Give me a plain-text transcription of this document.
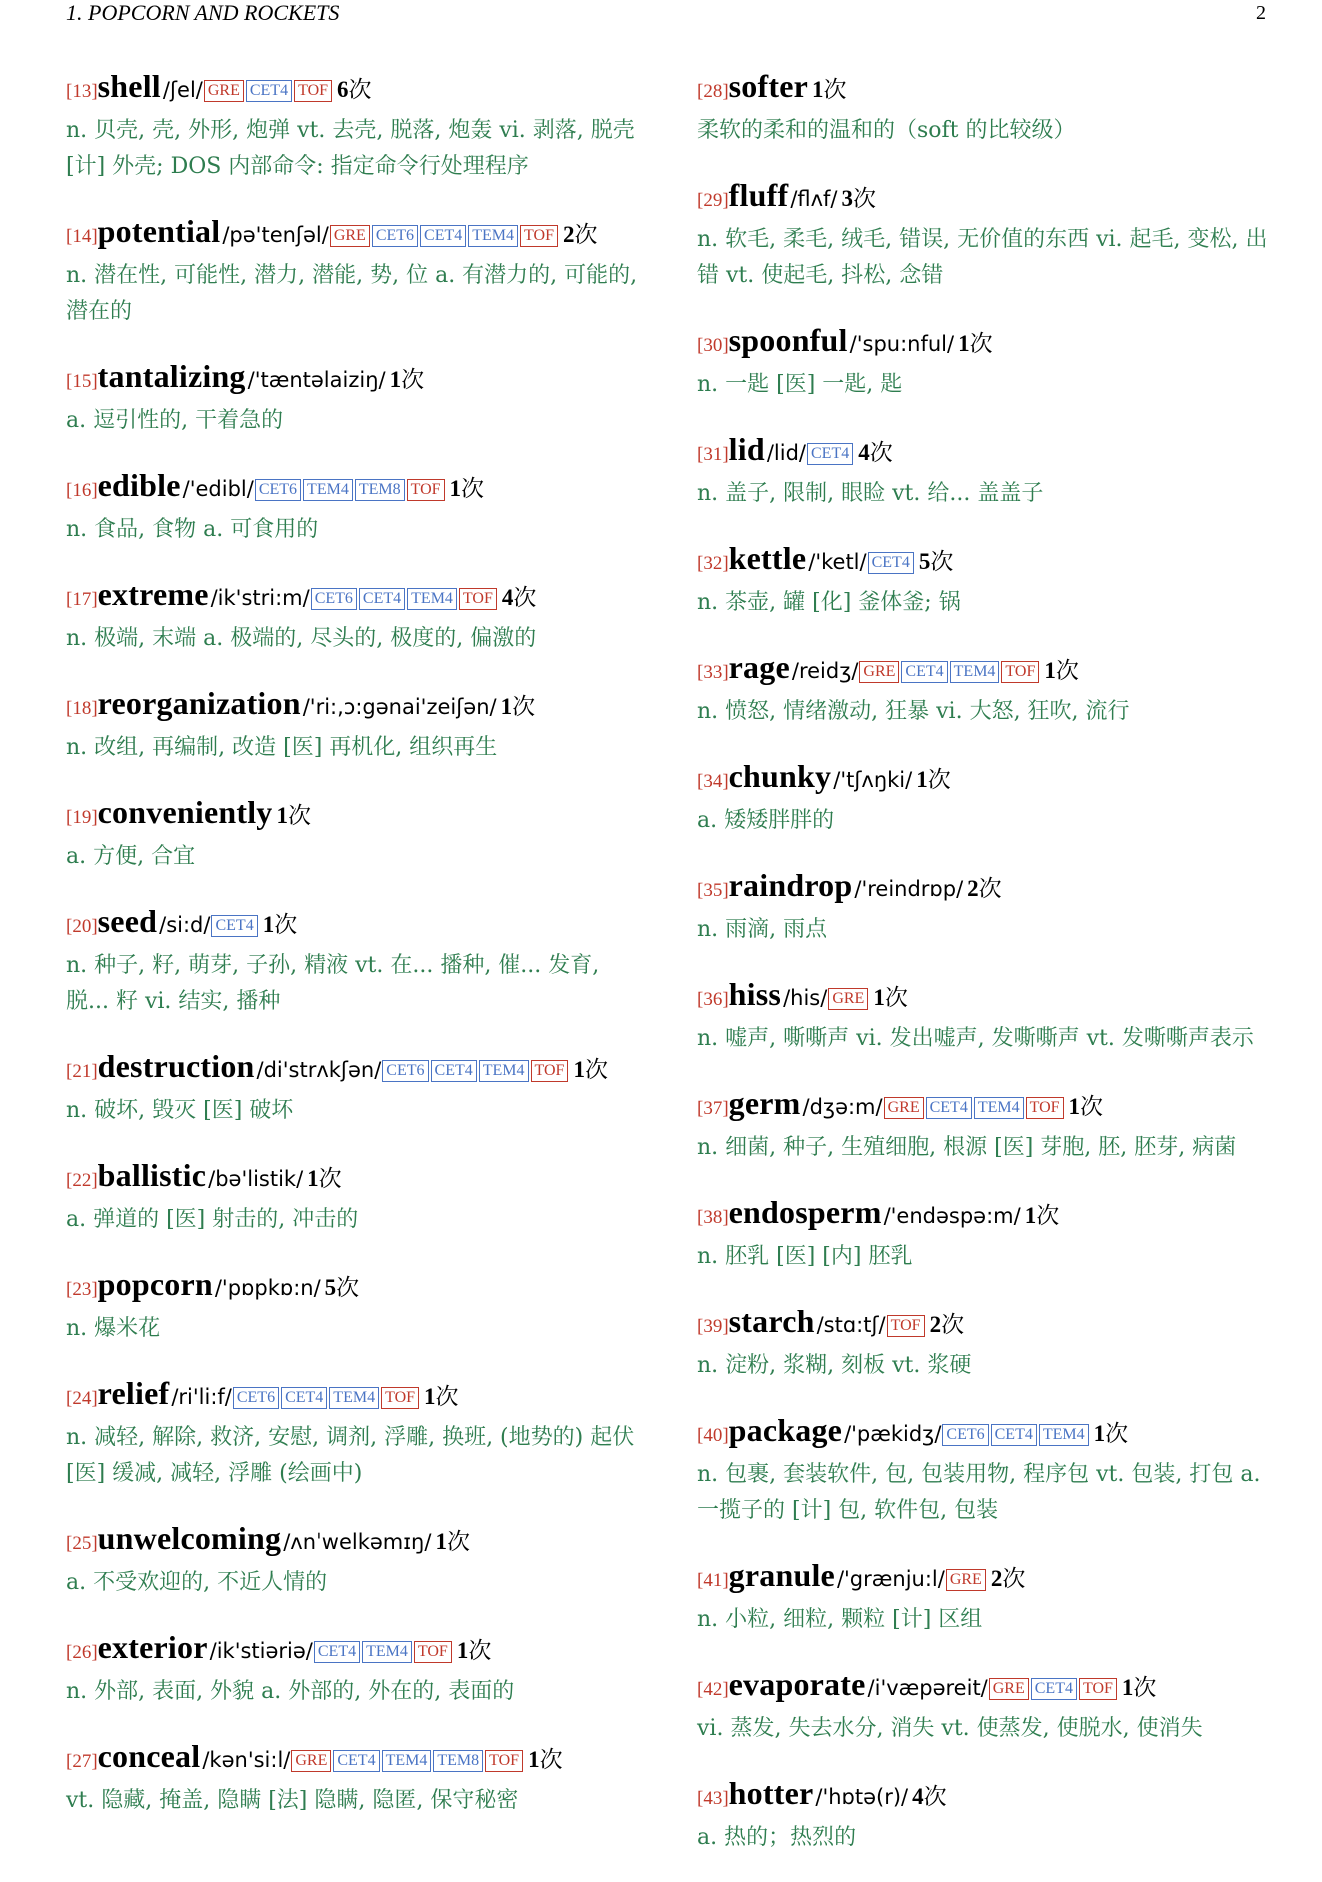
1. POPCORN AND ROCKETS	2
[13]shell/ʃel/ GRE CET4 TOF 6次
n. 贝壳, 壳, 外形, 炮弹 vt. 去壳, 脱落, 炮轰 vi. 剥落, 脱壳 [计] 外壳; DOS 内部命令: 指定命令行处理程序
[14]potential/pə'tenʃəl/ GRE CET6 CET4 TEM4 TOF 2次
n. 潜在性, 可能性, 潜力, 潜能, 势, 位 a. 有潜力的, 可能的, 潜在的
[15]tantalizing/'tæntəlaiziŋ/ 1次
a. 逗引性的, 干着急的
[16]edible/'edibl/ CET6 TEM4 TEM8 TOF 1次
n. 食品, 食物 a. 可食用的
[17]extreme/ik'stri:m/ CET6 CET4 TEM4 TOF 4次
n. 极端, 末端 a. 极端的, 尽头的, 极度的, 偏激的
[18]reorganization/'ri:,ɔ:gənai'zeiʃən/ 1次
n. 改组, 再编制, 改造 [医] 再机化, 组织再生
[19]conveniently 1次
a. 方便, 合宜
[20]seed/si:d/ CET4 1次
n. 种子, 籽, 萌芽, 子孙, 精液 vt. 在... 播种, 催... 发育, 脱... 籽 vi. 结实, 播种
[21]destruction/di'strʌkʃən/ CET6 CET4 TEM4 TOF 1次
n. 破坏, 毁灭 [医] 破坏
[22]ballistic/bə'listik/ 1次
a. 弹道的 [医] 射击的, 冲击的
[23]popcorn/'pɒpkɒ:n/ 5次
n. 爆米花
[24]relief/ri'li:f/ CET6 CET4 TEM4 TOF 1次
n. 减轻, 解除, 救济, 安慰, 调剂, 浮雕, 换班, (地势的) 起伏 [医] 缓减, 减轻, 浮雕 (绘画中)
[25]unwelcoming/ʌnˈwelkəmɪŋ/ 1次
a. 不受欢迎的, 不近人情的
[26]exterior/ik'stiəriə/ CET4 TEM4 TOF 1次
n. 外部, 表面, 外貌 a. 外部的, 外在的, 表面的
[27]conceal/kən'si:l/ GRE CET4 TEM4 TEM8 TOF 1次
vt. 隐藏, 掩盖, 隐瞒 [法] 隐瞒, 隐匿, 保守秘密
[28]softer 1次
柔软的柔和的温和的（soft 的比较级）
[29]fluff/flʌf/ 3次
n. 软毛, 柔毛, 绒毛, 错误, 无价值的东西 vi. 起毛, 变松, 出错 vt. 使起毛, 抖松, 念错
[30]spoonful/'spu:nful/ 1次
n. 一匙 [医] 一匙, 匙
[31]lid/lid/ CET4 4次
n. 盖子, 限制, 眼睑 vt. 给... 盖盖子
[32]kettle/'ketl/ CET4 5次
n. 茶壶, 罐 [化] 釜体釜; 锅
[33]rage/reidʒ/ GRE CET4 TEM4 TOF 1次
n. 愤怒, 情绪激动, 狂暴 vi. 大怒, 狂吹, 流行
[34]chunky/'tʃʌŋki/ 1次
a. 矮矮胖胖的
[35]raindrop/'reindrɒp/ 2次
n. 雨滴, 雨点
[36]hiss/his/ GRE 1次
n. 嘘声, 嘶嘶声 vi. 发出嘘声, 发嘶嘶声 vt. 发嘶嘶声表示
[37]germ/dʒə:m/ GRE CET4 TEM4 TOF 1次
n. 细菌, 种子, 生殖细胞, 根源 [医] 芽胞, 胚, 胚芽, 病菌
[38]endosperm/'endəspə:m/ 1次
n. 胚乳 [医] [内] 胚乳
[39]starch/stɑ:tʃ/ TOF 2次
n. 淀粉, 浆糊, 刻板 vt. 浆硬
[40]package/'pækidʒ/ CET6 CET4 TEM4 1次
n. 包裹, 套装软件, 包, 包装用物, 程序包 vt. 包装, 打包 a. 一揽子的 [计] 包, 软件包, 包装
[41]granule/'grænju:l/ GRE 2次
n. 小粒, 细粒, 颗粒 [计] 区组
[42]evaporate/i'væpəreit/ GRE CET4 TOF 1次
vi. 蒸发, 失去水分, 消失 vt. 使蒸发, 使脱水, 使消失
[43]hotter/'hɒtə(r)/ 4次
a. 热的；热烈的
